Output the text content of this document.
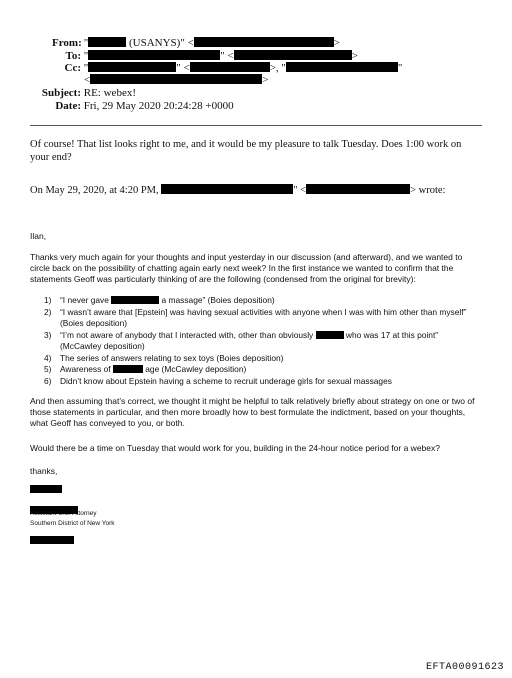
From: "	(USANYS)" <	>
To: "	" <	>
Cc: "	" <	>, "	"
<	>
Subject: RE: webex!
Date: Fri, 29 May 2020 20:24:28 +0000
Of course! That list looks right to me, and it would be my pleasure to talk Tuesday. Does 1:00 work on your end?
On May 29, 2020, at 4:20 PM,	" <	> wrote:
Ilan,
Thanks very much again for your thoughts and input yesterday in our discussion (and afterward), and we wanted to circle back on the possibility of chatting again early next week? In the first instance we wanted to confirm that the statements Geoff was particularly thinking of are the following (condensed from the original for brevity):
1) “I never gave	a massage” (Boies deposition)
2) “I wasn’t aware that [Epstein] was having sexual activities with anyone when I was with him other than myself” (Boies deposition)
3) “I’m not aware of anybody that I interacted with, other than obviously	who was 17 at this point” (McCawley deposition)
4) The series of answers relating to sex toys (Boies deposition)
5) Awareness of	age (McCawley deposition)
6) Didn’t know about Epstein having a scheme to recruit underage girls for sexual massages
And then assuming that’s correct, we thought it might be helpful to talk relatively briefly about strategy on one or two of those statements in particular, and then more broadly how to best formulate the indictment, based on your thoughts, what Geoff has conveyed to you, or both.
Would there be a time on Tuesday that would work for you, building in the 24-hour notice period for a webex?
thanks,
Assistant U.S. Attorney
Southern District of New York
EFTA00091623
